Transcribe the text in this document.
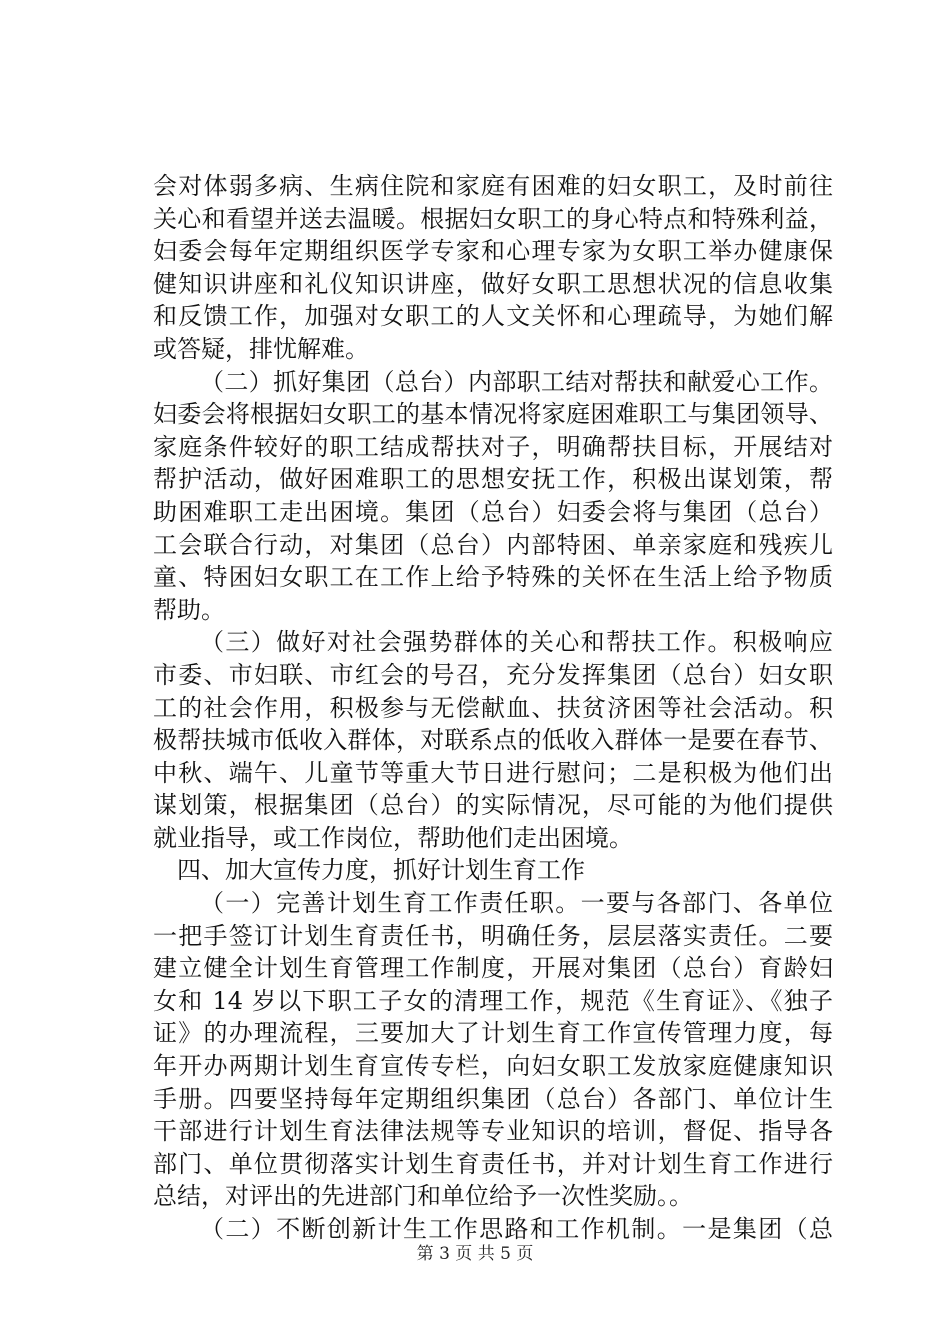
会对体弱多病、生病住院和家庭有困难的妇女职工，及时前往
关心和看望并送去温暖。根据妇女职工的身心特点和特殊利益，
妇委会每年定期组织医学专家和心理专家为女职工举办健康保
健知识讲座和礼仪知识讲座，做好女职工思想状况的信息收集
和反馈工作，加强对女职工的人文关怀和心理疏导，为她们解
或答疑，排忧解难。
（二）抓好集团（总台）内部职工结对帮扶和献爱心工作。
妇委会将根据妇女职工的基本情况将家庭困难职工与集团领导、
家庭条件较好的职工结成帮扶对子，明确帮扶目标，开展结对
帮护活动，做好困难职工的思想安抚工作，积极出谋划策，帮
助困难职工走出困境。集团（总台）妇委会将与集团（总台）
工会联合行动，对集团（总台）内部特困、单亲家庭和残疾儿
童、特困妇女职工在工作上给予特殊的关怀在生活上给予物质
帮助。
（三）做好对社会强势群体的关心和帮扶工作。积极响应
市委、市妇联、市红会的号召，充分发挥集团（总台）妇女职
工的社会作用，积极参与无偿献血、扶贫济困等社会活动。积
极帮扶城市低收入群体，对联系点的低收入群体一是要在春节、
中秋、端午、儿童节等重大节日进行慰问；二是积极为他们出
谋划策，根据集团（总台）的实际情况，尽可能的为他们提供
就业指导，或工作岗位，帮助他们走出困境。
四、加大宣传力度，抓好计划生育工作
（一）完善计划生育工作责任职。一要与各部门、各单位
一把手签订计划生育责任书，明确任务，层层落实责任。二要
建立健全计划生育管理工作制度，开展对集团（总台）育龄妇
女和 14 岁以下职工子女的清理工作，规范《生育证》、《独子
证》的办理流程，三要加大了计划生育工作宣传管理力度，每
年开办两期计划生育宣传专栏，向妇女职工发放家庭健康知识
手册。四要坚持每年定期组织集团（总台）各部门、单位计生
干部进行计划生育法律法规等专业知识的培训，督促、指导各
部门、单位贯彻落实计划生育责任书，并对计划生育工作进行
总结，对评出的先进部门和单位给予一次性奖励。。
（二）不断创新计生工作思路和工作机制。一是集团（总
第 3 页 共 5 页
